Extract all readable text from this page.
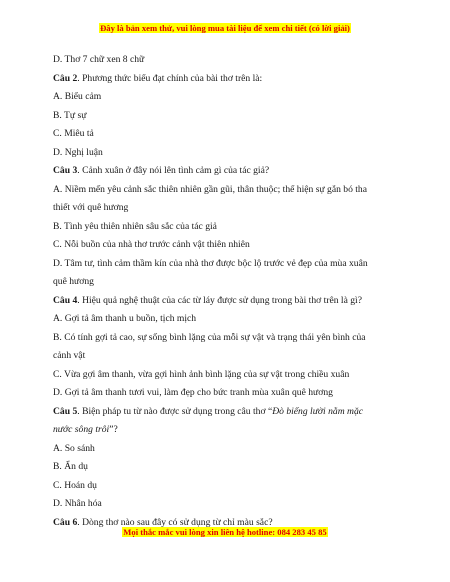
Đây là bản xem thử, vui lòng mua tài liệu để xem chi tiết (có lời giải)
D. Thơ 7 chữ xen 8 chữ
Câu 2. Phương thức biểu đạt chính của bài thơ trên là:
A. Biểu cảm
B. Tự sự
C. Miêu tả
D. Nghị luận
Câu 3. Cảnh xuân ở đây nói lên tình cảm gì của tác giả?
A. Niềm mến yêu cảnh sắc thiên nhiên gần gũi, thân thuộc; thể hiện sự gắn bó tha
thiết với quê hương
B. Tình yêu thiên nhiên sâu sắc của tác giả
C. Nỗi buồn của nhà thơ trước cảnh vật thiên nhiên
D. Tâm tư, tình cảm thầm kín của nhà thơ được bộc lộ trước vẻ đẹp của mùa xuân
quê hương
Câu 4. Hiệu quả nghệ thuật của các từ láy được sử dụng trong bài thơ trên là gì?
A. Gợi tả âm thanh u buồn, tịch mịch
B. Có tính gợi tả cao, sự sống bình lặng của mỗi sự vật và trạng thái yên bình của
cảnh vật
C. Vừa gợi âm thanh, vừa gợi hình ảnh bình lặng của sự vật trong chiều xuân
D. Gợi tả âm thanh tươi vui, làm đẹp cho bức tranh mùa xuân quê hương
Câu 5. Biện pháp tu từ nào được sử dụng trong câu thơ “Đò biếng lười nằm mặc
nước sông trôi”?
A. So sánh
B. Ẩn dụ
C. Hoán dụ
D. Nhân hóa
Câu 6. Dòng thơ nào sau đây có sử dụng từ chỉ màu sắc?
Mọi thắc mắc vui lòng xin liên hệ hotline: 084 283 45 85
